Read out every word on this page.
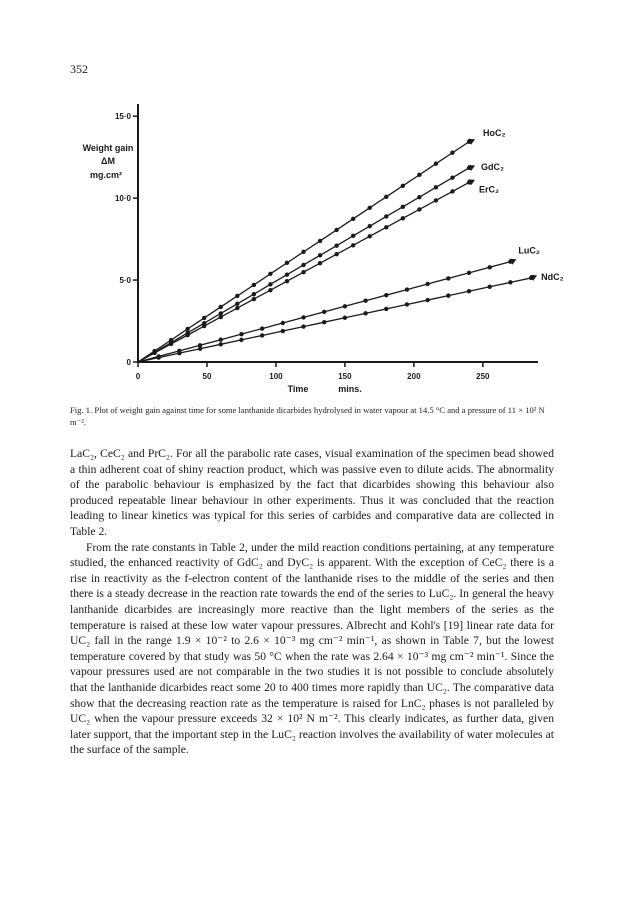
352
0	50	100	150	200	250
0
5·0
10·0
15·0
Weight gain
ΔM
mg.cm²
Time	mins.
HoC₂
GdC₂
ErC₂
LuC₂
NdC₂
Fig. 1. Plot of weight gain against time for some lanthanide dicarbides hydrolysed in water vapour at 14.5 °C and a pressure of 11 × 10² N m⁻².

LaC₂, CeC₂ and PrC₂. For all the parabolic rate cases, visual examination of the specimen bead showed a thin adherent coat of shiny reaction product, which was passive even to dilute acids. The abnormality of the parabolic behaviour is emphasized by the fact that dicarbides showing this behaviour also produced repeatable linear behaviour in other experiments. Thus it was concluded that the reaction leading to linear kinetics was typical for this series of carbides and comparative data are collected in Table 2.

From the rate constants in Table 2, under the mild reaction conditions pertaining, at any temperature studied, the enhanced reactivity of GdC₂ and DyC₂ is apparent. With the exception of CeC₂ there is a rise in reactivity as the f-electron content of the lanthanide rises to the middle of the series and then there is a steady decrease in the reaction rate towards the end of the series to LuC₂. In general the heavy lanthanide dicarbides are increasingly more reactive than the light members of the series as the temperature is raised at these low water vapour pressures. Albrecht and Kohl's [19] linear rate data for UC₂ fall in the range 1.9 × 10⁻² to 2.6 × 10⁻³ mg cm⁻² min⁻¹, as shown in Table 7, but the lowest temperature covered by that study was 50 °C when the rate was 2.64 × 10⁻³ mg cm⁻² min⁻¹. Since the vapour pressures used are not comparable in the two studies it is not possible to conclude absolutely that the lanthanide dicarbides react some 20 to 400 times more rapidly than UC₂. The comparative data show that the decreasing reaction rate as the temperature is raised for LnC₂ phases is not paralleled by UC₂ when the vapour pressure exceeds 32 × 10² N m⁻². This clearly indicates, as further data, given later support, that the important step in the LuC₂ reaction involves the availability of water molecules at the surface of the sample.
